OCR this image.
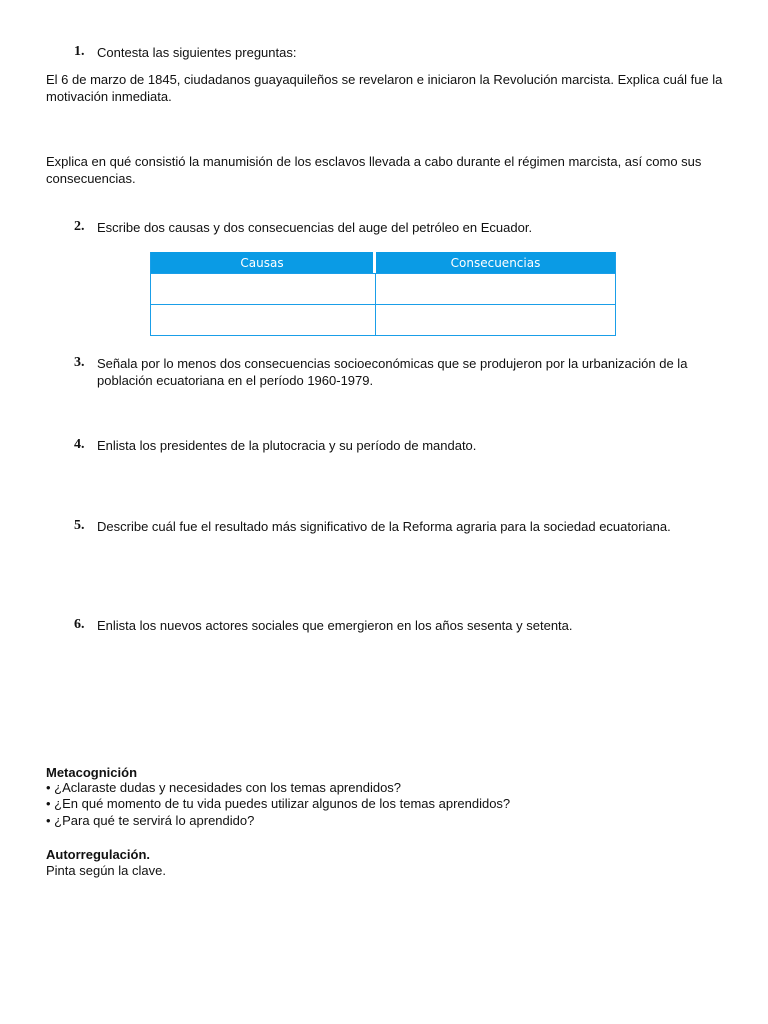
1. Contesta las siguientes preguntas:
El 6 de marzo de 1845, ciudadanos guayaquileños se revelaron e iniciaron la Revolución marcista. Explica cuál fue la
motivación inmediata.
Explica en qué consistió la manumisión de los esclavos llevada a cabo durante el régimen marcista, así como sus
consecuencias.
2. Escribe dos causas y dos consecuencias del auge del petróleo en Ecuador.
Causas	Consecuencias

3. Señala por lo menos dos consecuencias socioeconómicas que se produjeron por la urbanización de la
población ecuatoriana en el período 1960-1979.
4. Enlista los presidentes de la plutocracia y su período de mandato.
5. Describe cuál fue el resultado más significativo de la Reforma agraria para la sociedad ecuatoriana.
6. Enlista los nuevos actores sociales que emergieron en los años sesenta y setenta.
Metacognición
• ¿Aclaraste dudas y necesidades con los temas aprendidos?
• ¿En qué momento de tu vida puedes utilizar algunos de los temas aprendidos?
• ¿Para qué te servirá lo aprendido?
Autorregulación.
Pinta según la clave.
